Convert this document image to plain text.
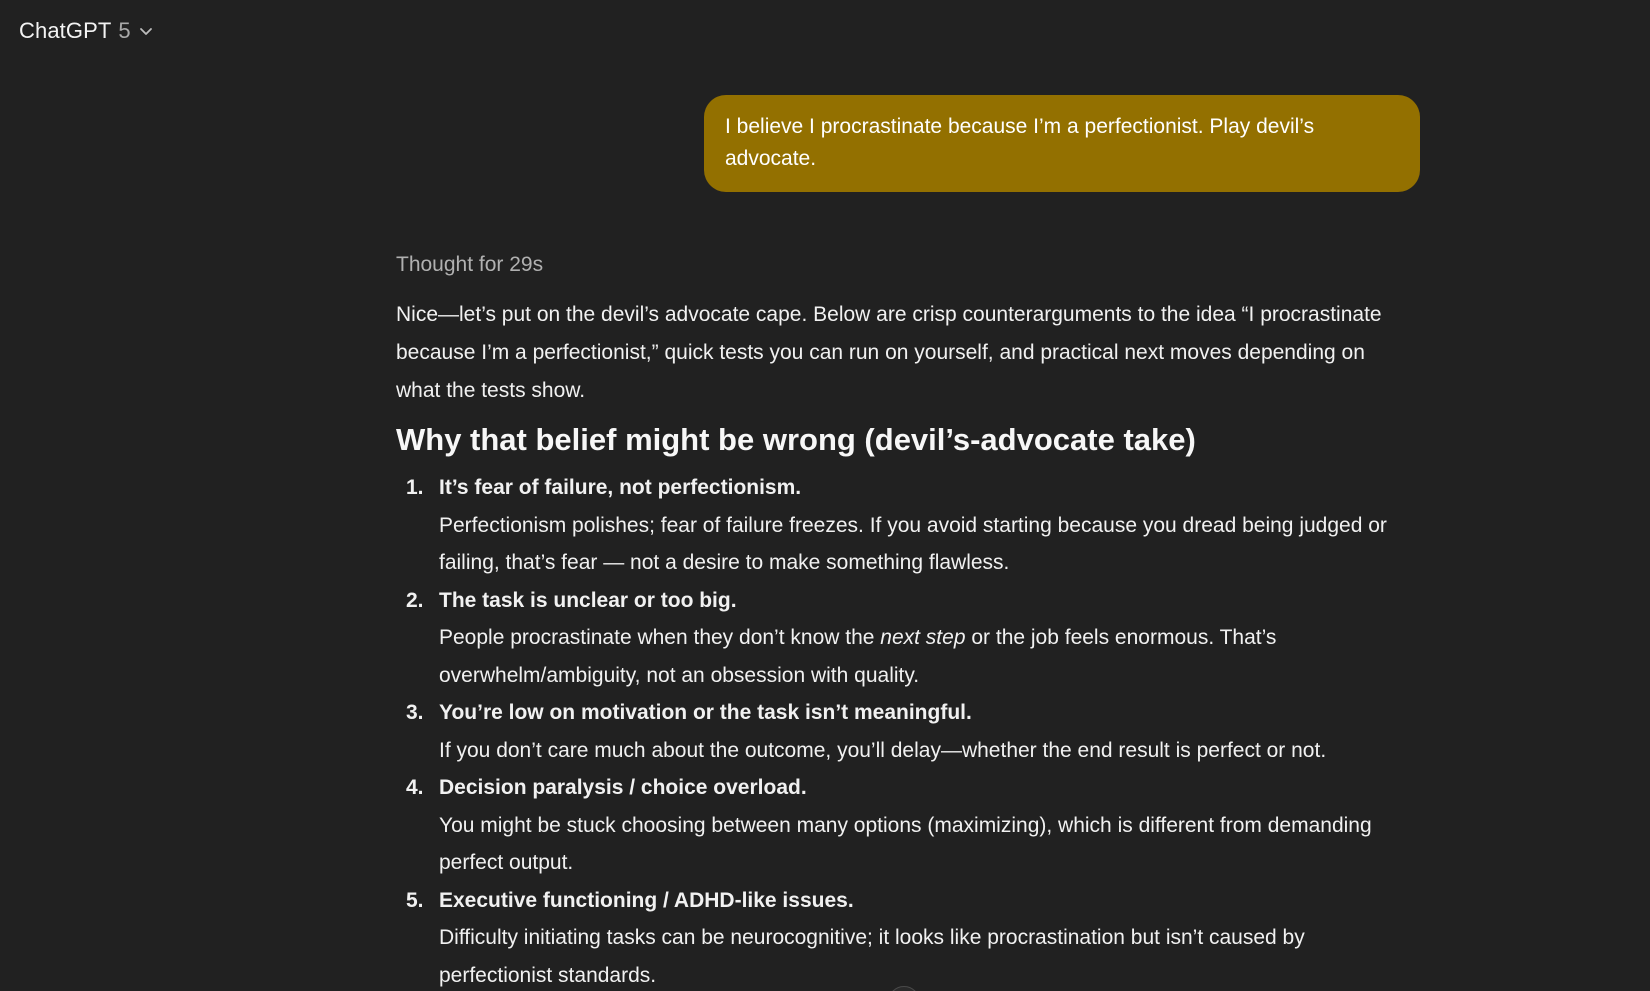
ChatGPT 5
I believe I procrastinate because I’m a perfectionist. Play devil’s advocate.
Thought for 29s

Nice—let’s put on the devil’s advocate cape. Below are crisp counterarguments to the idea “I procrastinate because I’m a perfectionist,” quick tests you can run on yourself, and practical next moves depending on what the tests show.

Why that belief might be wrong (devil’s-advocate take)
1. It’s fear of failure, not perfectionism.
Perfectionism polishes; fear of failure freezes. If you avoid starting because you dread being judged or failing, that’s fear — not a desire to make something flawless.
2. The task is unclear or too big.
People procrastinate when they don’t know the next step or the job feels enormous. That’s overwhelm/ambiguity, not an obsession with quality.
3. You’re low on motivation or the task isn’t meaningful.
If you don’t care much about the outcome, you’ll delay—whether the end result is perfect or not.
4. Decision paralysis / choice overload.
You might be stuck choosing between many options (maximizing), which is different from demanding perfect output.
5. Executive functioning / ADHD-like issues.
Difficulty initiating tasks can be neurocognitive; it looks like procrastination but isn’t caused by perfectionist standards.
